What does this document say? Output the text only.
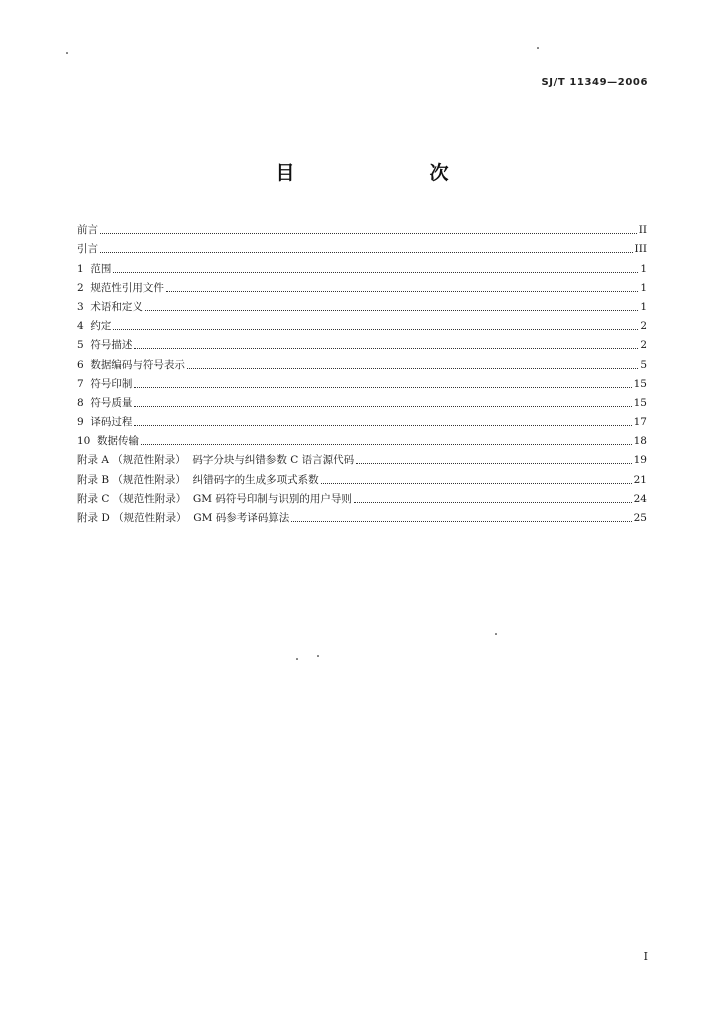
SJ/T 11349—2006
目　次
前言	II
引言	III
1  范围	1
2  规范性引用文件	1
3  术语和定义	1
4  约定	2
5  符号描述	2
6  数据编码与符号表示	5
7  符号印制	15
8  符号质量	15
9  译码过程	17
10  数据传输	18
附录 A （规范性附录）  码字分块与纠错参数 C 语言源代码	19
附录 B （规范性附录）  纠错码字的生成多项式系数	21
附录 C （规范性附录）  GM 码符号印制与识别的用户导则	24
附录 D （规范性附录）  GM 码参考译码算法	25
I
